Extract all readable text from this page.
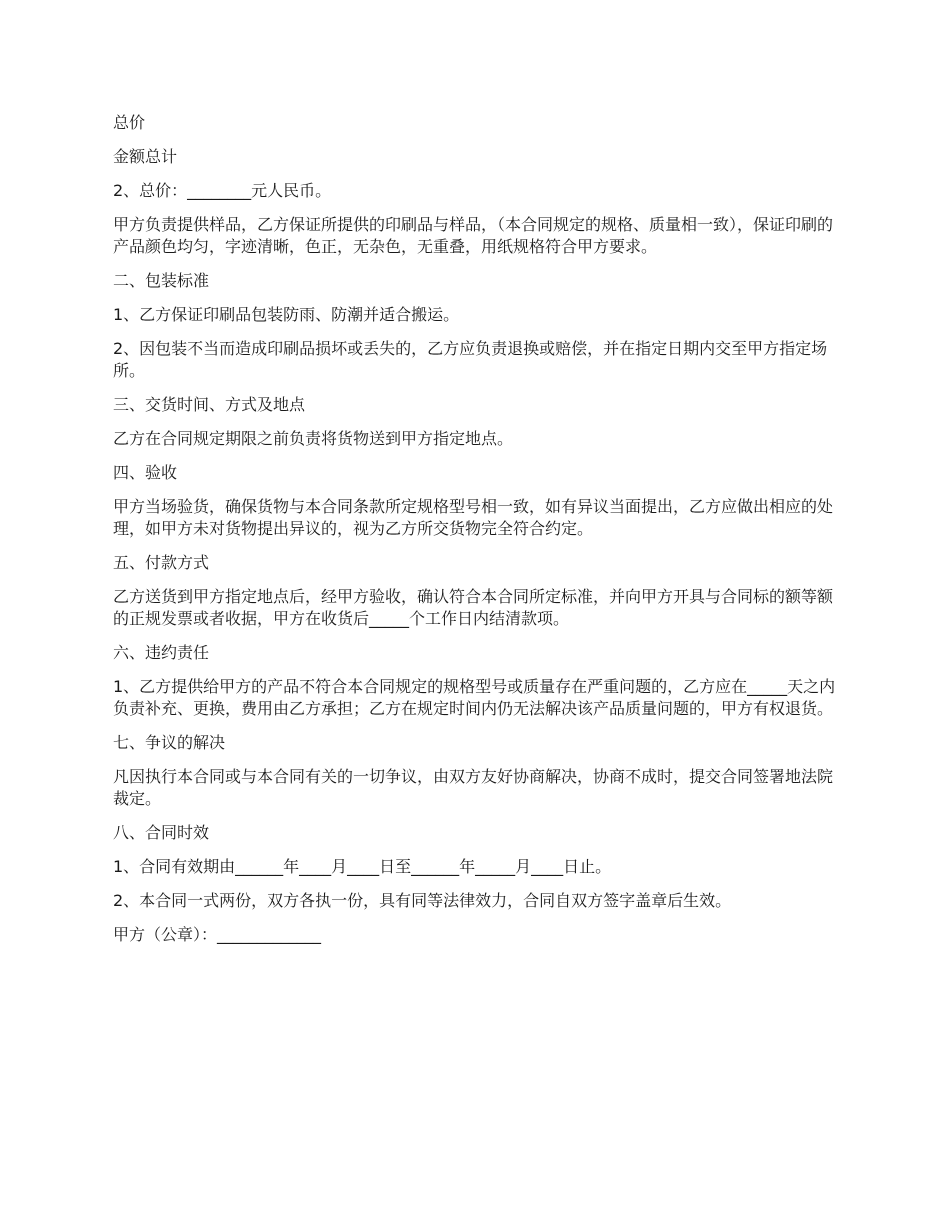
总价

金额总计

2、总价：________元人民币。

甲方负责提供样品，乙方保证所提供的印刷品与样品，（本合同规定的规格、质量相一致），保证印刷的产品颜色均匀，字迹清晰，色正，无杂色，无重叠，用纸规格符合甲方要求。

二、包装标准

1、乙方保证印刷品包装防雨、防潮并适合搬运。

2、因包装不当而造成印刷品损坏或丢失的，乙方应负责退换或赔偿，并在指定日期内交至甲方指定场所。

三、交货时间、方式及地点

乙方在合同规定期限之前负责将货物送到甲方指定地点。

四、验收

甲方当场验货，确保货物与本合同条款所定规格型号相一致，如有异议当面提出，乙方应做出相应的处理，如甲方未对货物提出异议的，视为乙方所交货物完全符合约定。

五、付款方式

乙方送货到甲方指定地点后，经甲方验收，确认符合本合同所定标准，并向甲方开具与合同标的额等额的正规发票或者收据，甲方在收货后_____个工作日内结清款项。

六、违约责任

1、乙方提供给甲方的产品不符合本合同规定的规格型号或质量存在严重问题的，乙方应在_____天之内负责补充、更换，费用由乙方承担；乙方在规定时间内仍无法解决该产品质量问题的，甲方有权退货。

七、争议的解决

凡因执行本合同或与本合同有关的一切争议，由双方友好协商解决，协商不成时，提交合同签署地法院裁定。

八、合同时效

1、合同有效期由______年____月____日至______年_____月____日止。

2、本合同一式两份，双方各执一份，具有同等法律效力，合同自双方签字盖章后生效。

甲方（公章）：_____________
